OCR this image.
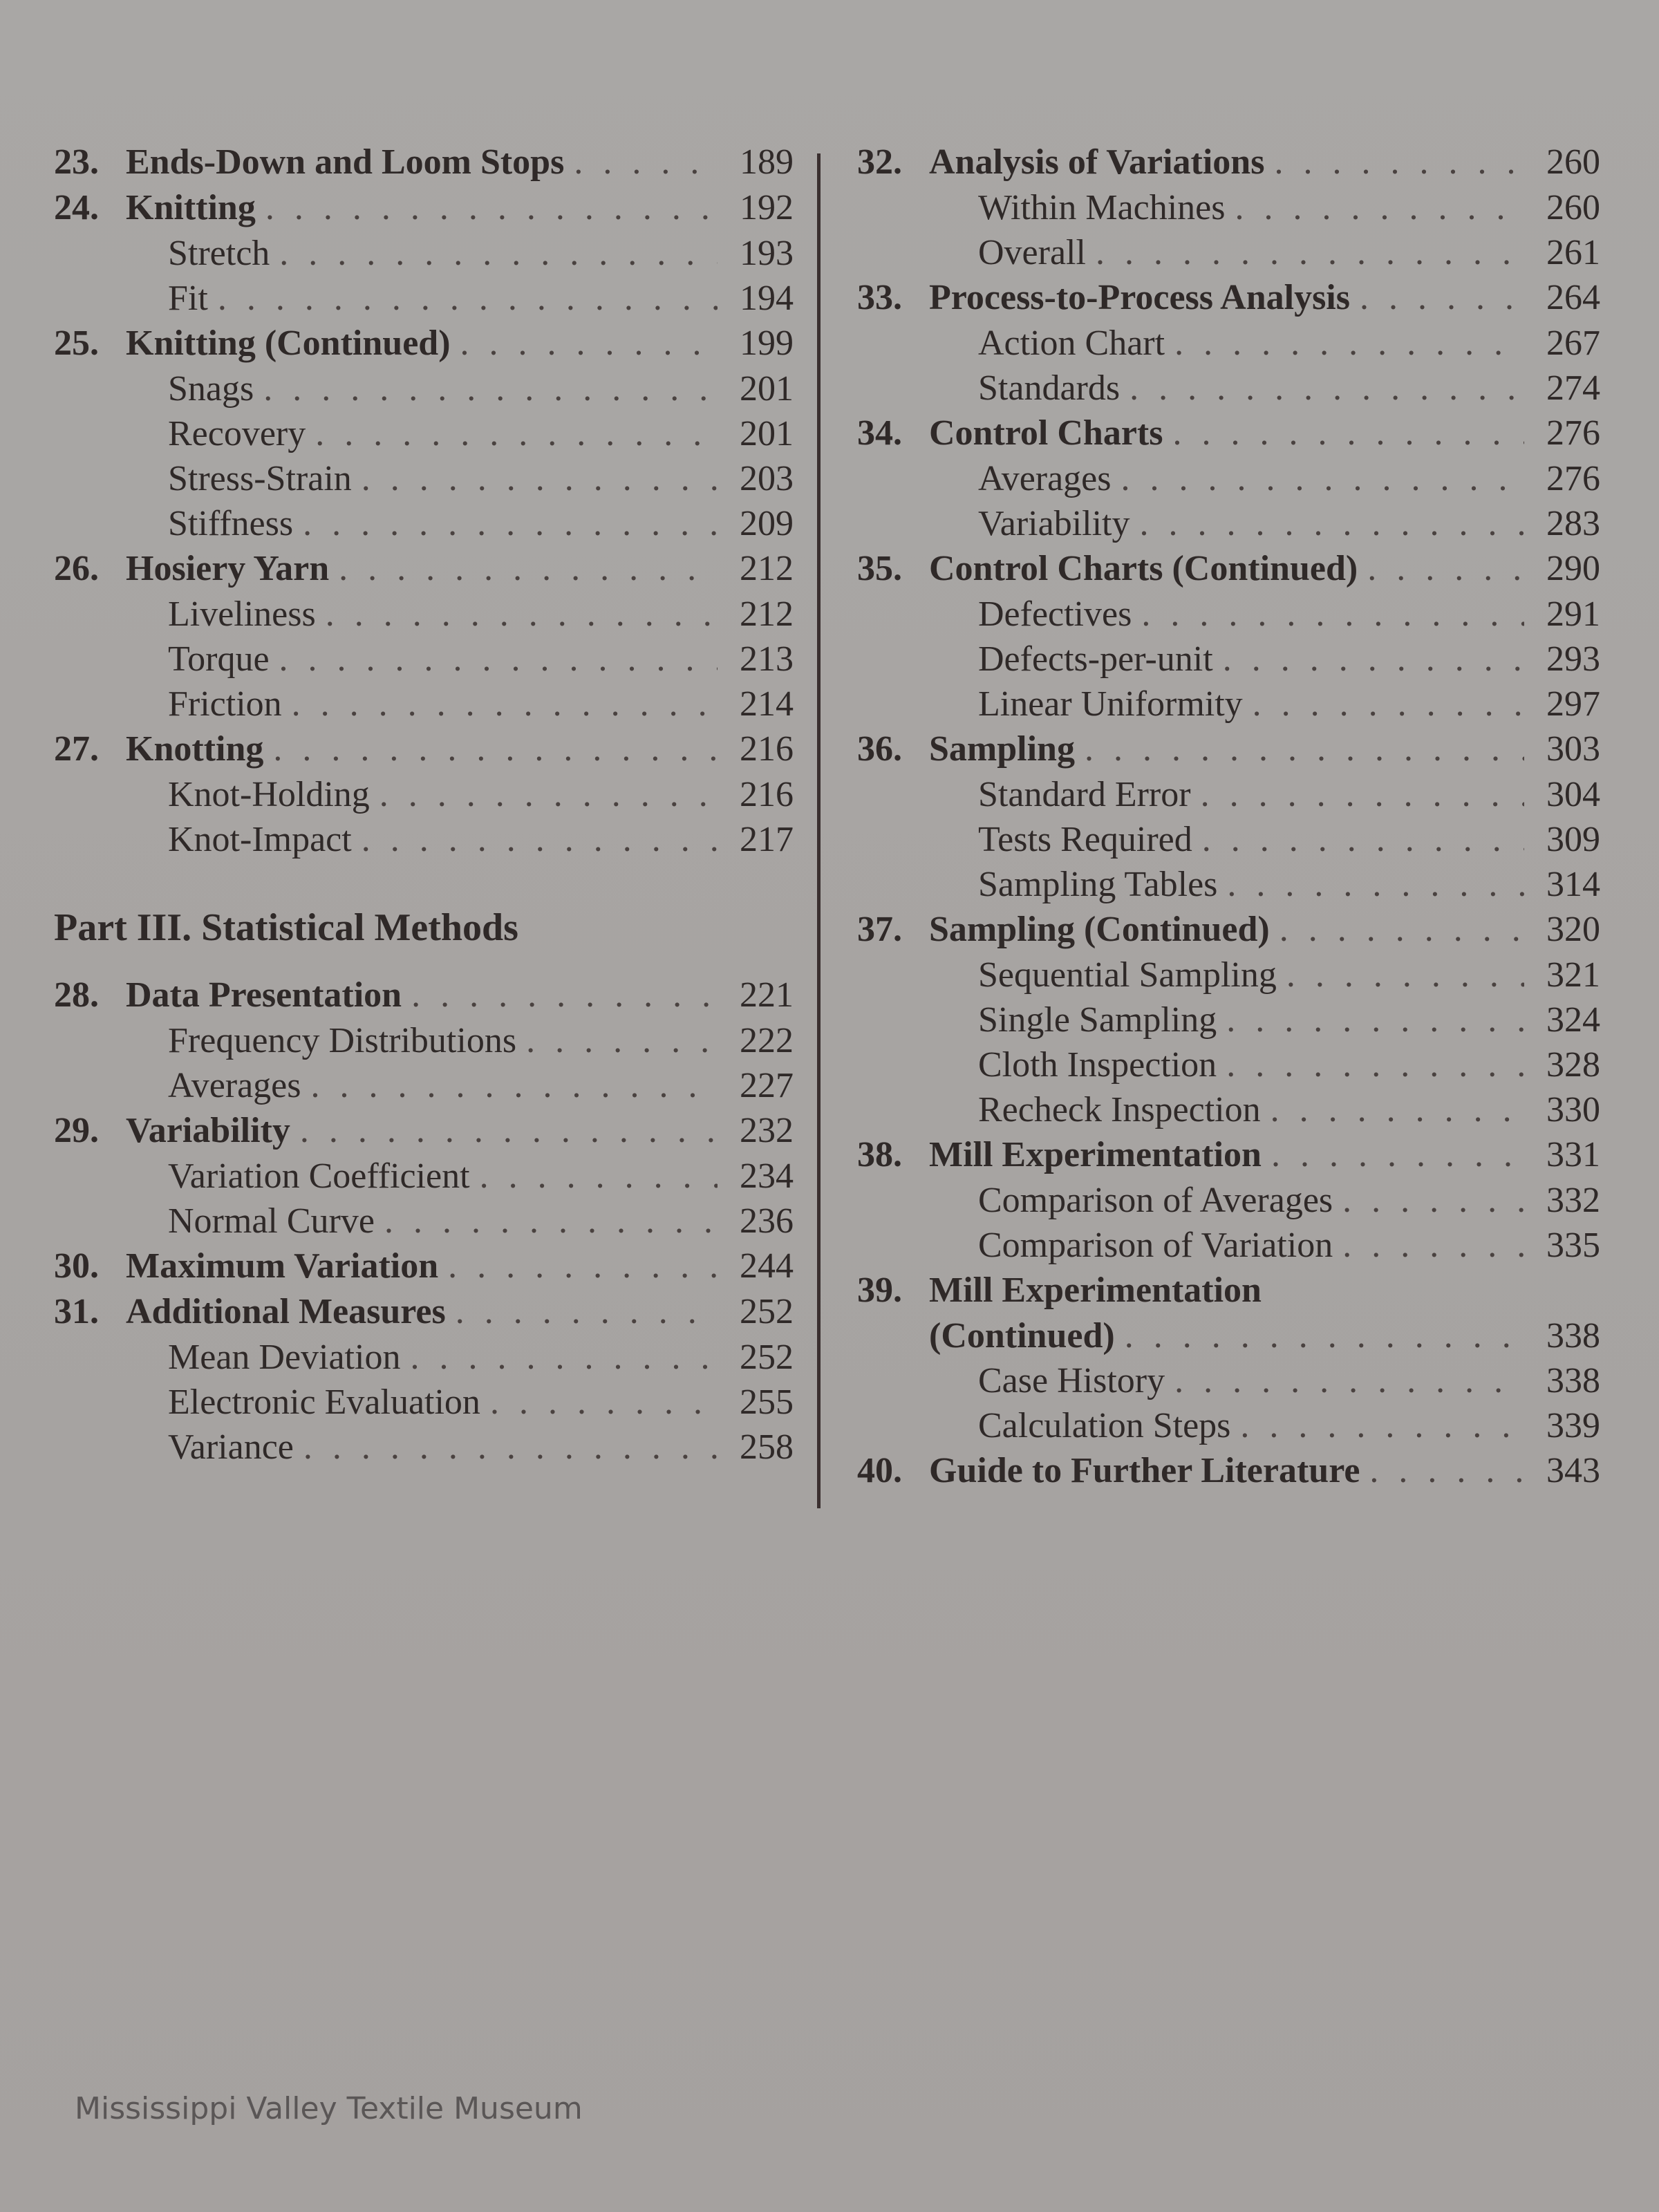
23. Ends-Down and Loom Stops . . .	189
24. Knitting . . .	192
Stretch . . .	193
Fit . . .	194
25. Knitting (Continued) . . .	199
Snags . . .	201
Recovery . . .	201
Stress-Strain . . .	203
Stiffness . . .	209
26. Hosiery Yarn . . .	212
Liveliness . . .	212
Torque . . .	213
Friction . . .	214
27. Knotting . . .	216
Knot-Holding . . .	216
Knot-Impact . . .	217
Part III. Statistical Methods
28. Data Presentation . . .	221
Frequency Distributions . . .	222
Averages . . .	227
29. Variability . . .	232
Variation Coefficient . . .	234
Normal Curve . . .	236
30. Maximum Variation . . .	244
31. Additional Measures . . .	252
Mean Deviation . . .	252
Electronic Evaluation . . .	255
Variance . . .	258
32. Analysis of Variations . . .	260
Within Machines . . .	260
Overall . . .	261
33. Process-to-Process Analysis . . .	264
Action Chart . . .	267
Standards . . .	274
34. Control Charts . . .	276
Averages . . .	276
Variability . . .	283
35. Control Charts (Continued) . . .	290
Defectives . . .	291
Defects-per-unit . . .	293
Linear Uniformity . . .	297
36. Sampling . . .	303
Standard Error . . .	304
Tests Required . . .	309
Sampling Tables . . .	314
37. Sampling (Continued) . . .	320
Sequential Sampling . . .	321
Single Sampling . . .	324
Cloth Inspection . . .	328
Recheck Inspection . . .	330
38. Mill Experimentation . . .	331
Comparison of Averages . . .	332
Comparison of Variation . . .	335
39. Mill Experimentation
(Continued) . . .	338
Case History . . .	338
Calculation Steps . . .	339
40. Guide to Further Literature . . .	343
Mississippi Valley Textile Museum
